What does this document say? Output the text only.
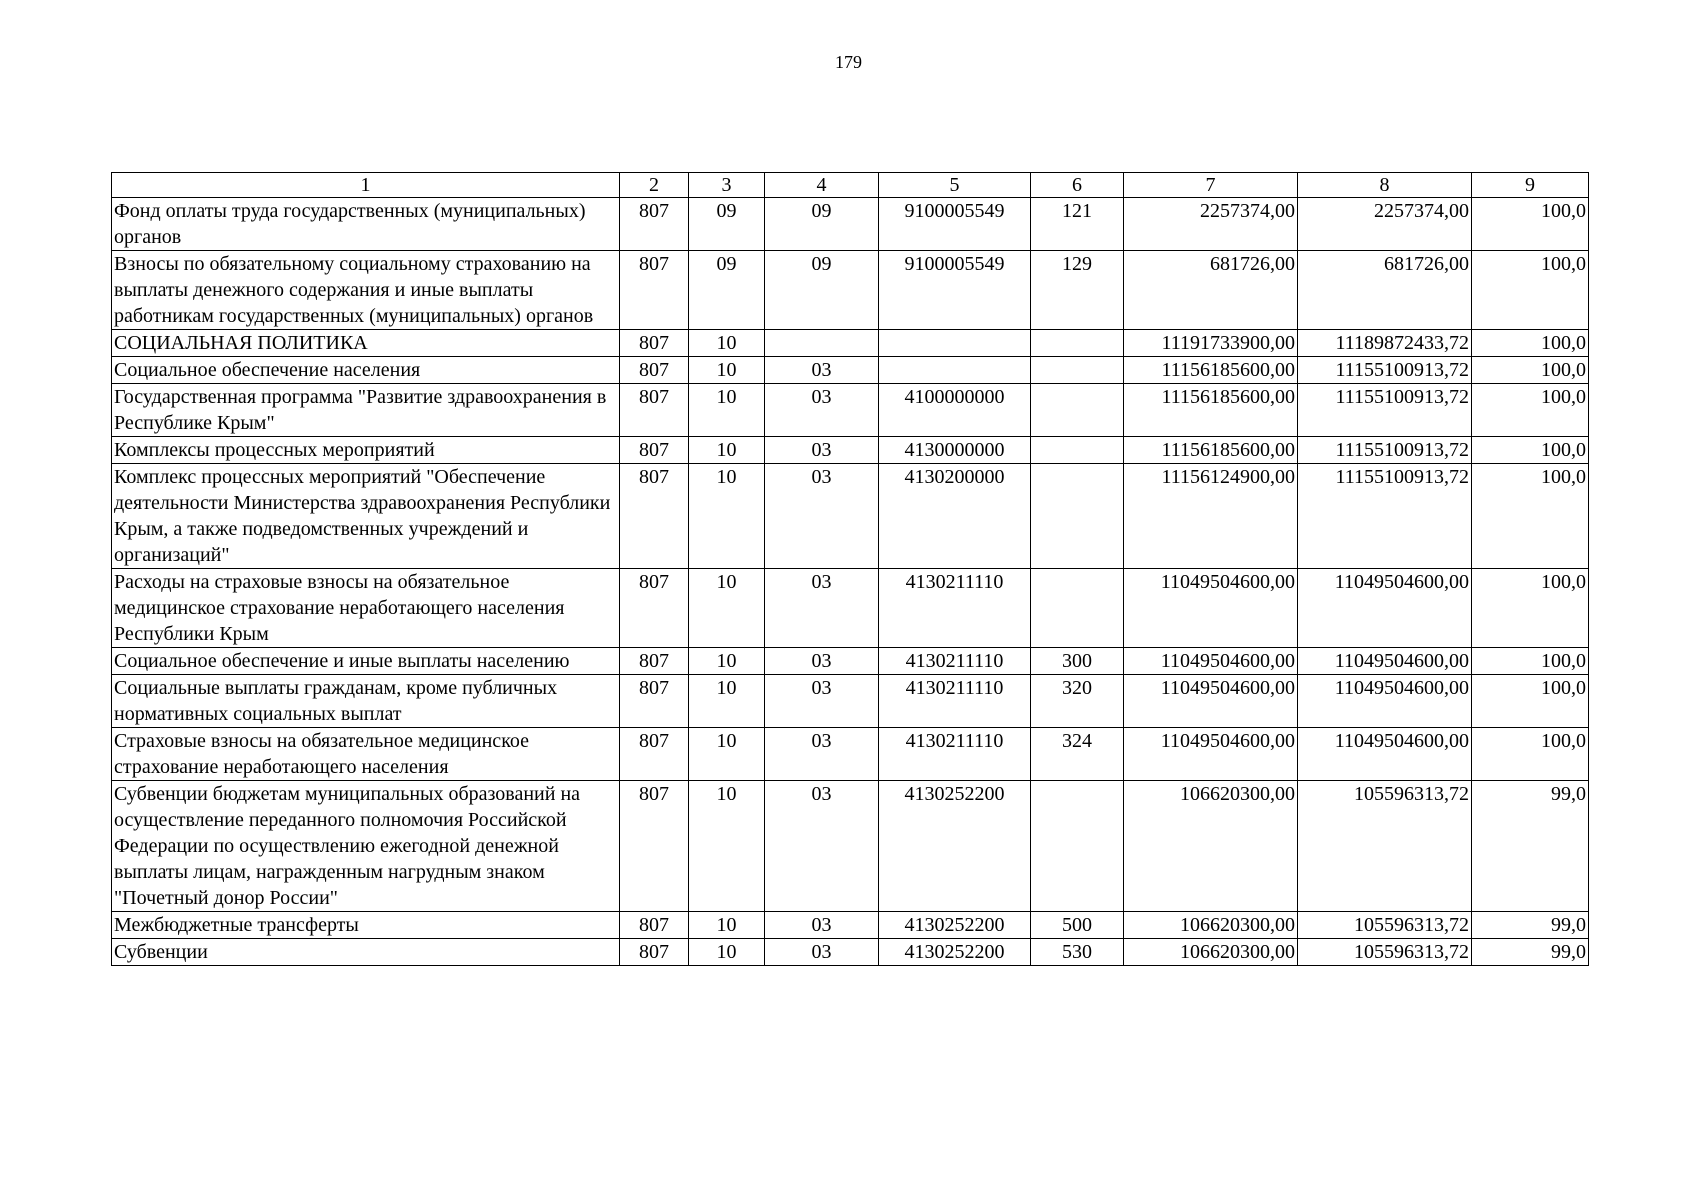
179
1	2	3	4	5	6	7	8	9
Фонд оплаты труда государственных (муниципальных) органов	807	09	09	9100005549	121	2257374,00	2257374,00	100,0
Взносы по обязательному социальному страхованию на выплаты денежного содержания и иные выплаты работникам государственных (муниципальных) органов	807	09	09	9100005549	129	681726,00	681726,00	100,0
СОЦИАЛЬНАЯ ПОЛИТИКА	807	10				11191733900,00	11189872433,72	100,0
Социальное обеспечение населения	807	10	03			11156185600,00	11155100913,72	100,0
Государственная программа "Развитие здравоохранения в Республике Крым"	807	10	03	4100000000		11156185600,00	11155100913,72	100,0
Комплексы процессных мероприятий	807	10	03	4130000000		11156185600,00	11155100913,72	100,0
Комплекс процессных мероприятий "Обеспечение деятельности Министерства здравоохранения Республики Крым, а также подведомственных учреждений и организаций"	807	10	03	4130200000		11156124900,00	11155100913,72	100,0
Расходы на страховые взносы на обязательное медицинское страхование неработающего населения Республики Крым	807	10	03	4130211110		11049504600,00	11049504600,00	100,0
Социальное обеспечение и иные выплаты населению	807	10	03	4130211110	300	11049504600,00	11049504600,00	100,0
Социальные выплаты гражданам, кроме публичных нормативных социальных выплат	807	10	03	4130211110	320	11049504600,00	11049504600,00	100,0
Страховые взносы на обязательное медицинское страхование неработающего населения	807	10	03	4130211110	324	11049504600,00	11049504600,00	100,0
Субвенции бюджетам муниципальных образований на осуществление переданного полномочия Российской Федерации по осуществлению ежегодной денежной выплаты лицам, награжденным нагрудным знаком "Почетный донор России"	807	10	03	4130252200		106620300,00	105596313,72	99,0
Межбюджетные трансферты	807	10	03	4130252200	500	106620300,00	105596313,72	99,0
Субвенции	807	10	03	4130252200	530	106620300,00	105596313,72	99,0
